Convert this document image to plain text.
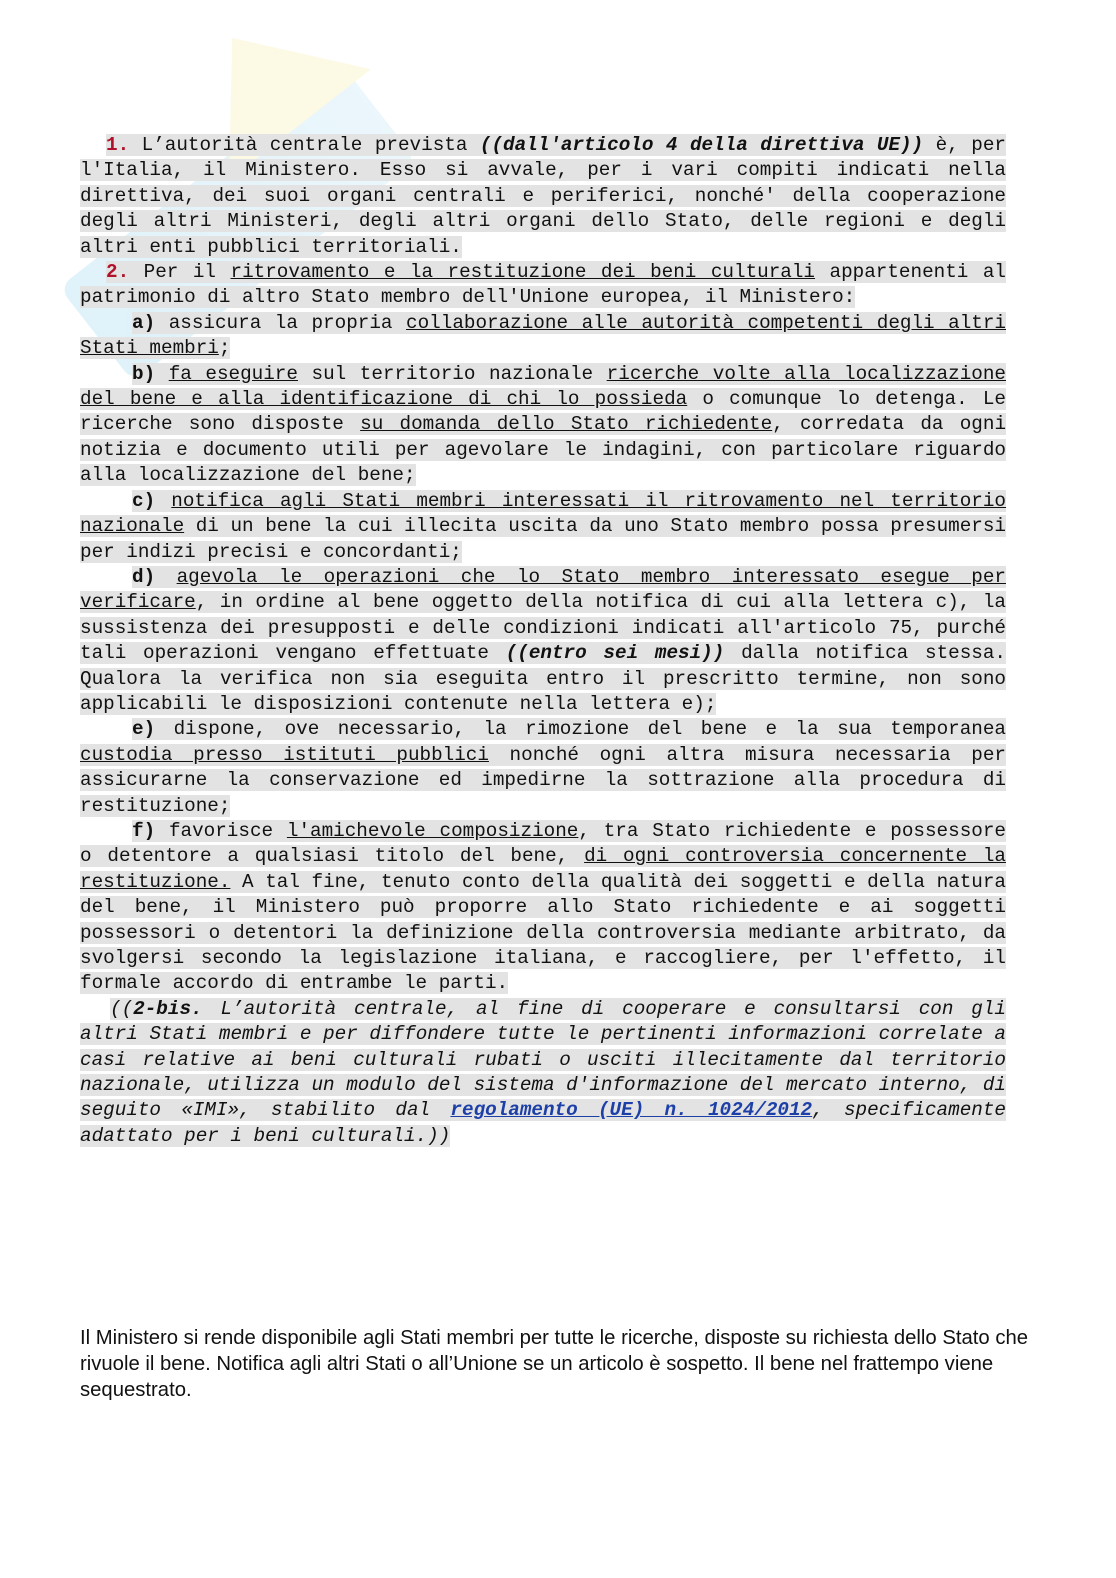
1. L’autorità centrale prevista ((dall'articolo 4 della direttiva UE)) è, per l'Italia, il Ministero. Esso si avvale, per i vari compiti indicati nella direttiva, dei suoi organi centrali e periferici, nonché' della cooperazione degli altri Ministeri, degli altri organi dello Stato, delle regioni e degli altri enti pubblici territoriali.

2. Per il ritrovamento e la restituzione dei beni culturali appartenenti al patrimonio di altro Stato membro dell'Unione europea, il Ministero:

a) assicura la propria collaborazione alle autorità competenti degli altri Stati membri;

b) fa eseguire sul territorio nazionale ricerche volte alla localizzazione del bene e alla identificazione di chi lo possieda o comunque lo detenga. Le ricerche sono disposte su domanda dello Stato richiedente, corredata da ogni notizia e documento utili per agevolare le indagini, con particolare riguardo alla localizzazione del bene;

c) notifica agli Stati membri interessati il ritrovamento nel territorio nazionale di un bene la cui illecita uscita da uno Stato membro possa presumersi per indizi precisi e concordanti;

d) agevola le operazioni che lo Stato membro interessato esegue per verificare, in ordine al bene oggetto della notifica di cui alla lettera c), la sussistenza dei presupposti e delle condizioni indicati all'articolo 75, purché tali operazioni vengano effettuate ((entro sei mesi)) dalla notifica stessa. Qualora la verifica non sia eseguita entro il prescritto termine, non sono applicabili le disposizioni contenute nella lettera e);

e) dispone, ove necessario, la rimozione del bene e la sua temporanea custodia presso istituti pubblici nonché ogni altra misura necessaria per assicurarne la conservazione ed impedirne la sottrazione alla procedura di restituzione;

f) favorisce l'amichevole composizione, tra Stato richiedente e possessore o detentore a qualsiasi titolo del bene, di ogni controversia concernente la restituzione. A tal fine, tenuto conto della qualità dei soggetti e della natura del bene, il Ministero può proporre allo Stato richiedente e ai soggetti possessori o detentori la definizione della controversia mediante arbitrato, da svolgersi secondo la legislazione italiana, e raccogliere, per l'effetto, il formale accordo di entrambe le parti.

((2-bis. L’autorità centrale, al fine di cooperare e consultarsi con gli altri Stati membri e per diffondere tutte le pertinenti informazioni correlate a casi relative ai beni culturali rubati o usciti illecitamente dal territorio nazionale, utilizza un modulo del sistema d'informazione del mercato interno, di seguito «IMI», stabilito dal regolamento (UE) n. 1024/2012, specificamente adattato per i beni culturali.))

Il Ministero si rende disponibile agli Stati membri per tutte le ricerche, disposte su richiesta dello Stato che rivuole il bene. Notifica agli altri Stati o all’Unione se un articolo è sospetto. Il bene nel frattempo viene sequestrato.
